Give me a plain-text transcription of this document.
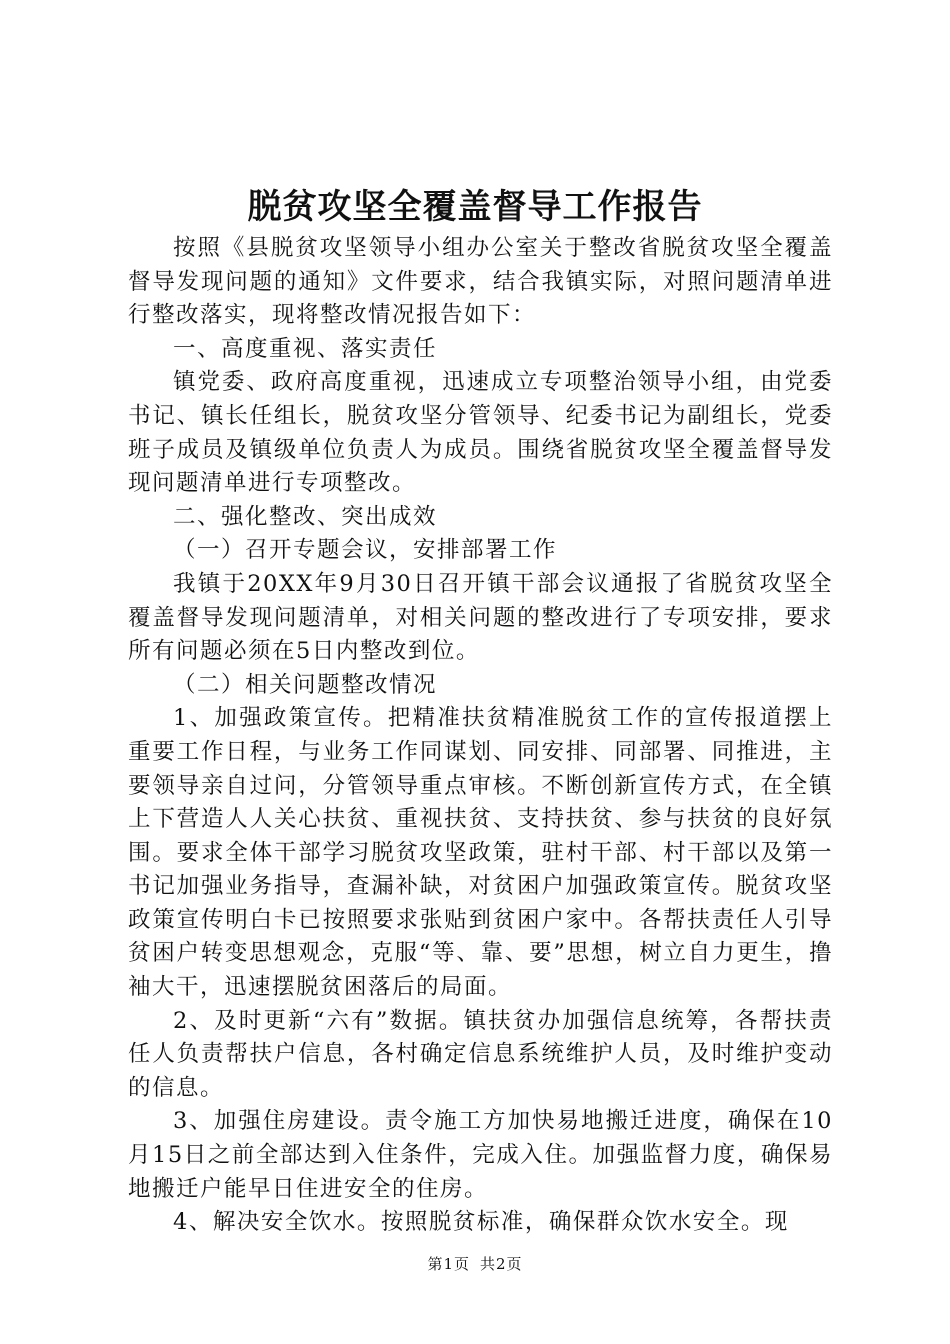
脱贫攻坚全覆盖督导工作报告

按照《县脱贫攻坚领导小组办公室关于整改省脱贫攻坚全覆盖督导发现问题的通知》文件要求，结合我镇实际，对照问题清单进行整改落实，现将整改情况报告如下：

一、高度重视、落实责任

镇党委、政府高度重视，迅速成立专项整治领导小组，由党委书记、镇长任组长，脱贫攻坚分管领导、纪委书记为副组长，党委班子成员及镇级单位负责人为成员。围绕省脱贫攻坚全覆盖督导发现问题清单进行专项整改。

二、强化整改、突出成效

（一）召开专题会议，安排部署工作

我镇于20XX年9月30日召开镇干部会议通报了省脱贫攻坚全覆盖督导发现问题清单，对相关问题的整改进行了专项安排，要求所有问题必须在5日内整改到位。

（二）相关问题整改情况

1、加强政策宣传。把精准扶贫精准脱贫工作的宣传报道摆上重要工作日程，与业务工作同谋划、同安排、同部署、同推进，主要领导亲自过问，分管领导重点审核。不断创新宣传方式，在全镇上下营造人人关心扶贫、重视扶贫、支持扶贫、参与扶贫的良好氛围。要求全体干部学习脱贫攻坚政策，驻村干部、村干部以及第一书记加强业务指导，查漏补缺，对贫困户加强政策宣传。脱贫攻坚政策宣传明白卡已按照要求张贴到贫困户家中。各帮扶责任人引导贫困户转变思想观念，克服“等、靠、要”思想，树立自力更生，撸袖大干，迅速摆脱贫困落后的局面。

2、及时更新“六有”数据。镇扶贫办加强信息统筹，各帮扶责任人负责帮扶户信息，各村确定信息系统维护人员，及时维护变动的信息。

3、加强住房建设。责令施工方加快易地搬迁进度，确保在10月15日之前全部达到入住条件，完成入住。加强监督力度，确保易地搬迁户能早日住进安全的住房。

4、解决安全饮水。按照脱贫标准，确保群众饮水安全。现

第1页 共2页
